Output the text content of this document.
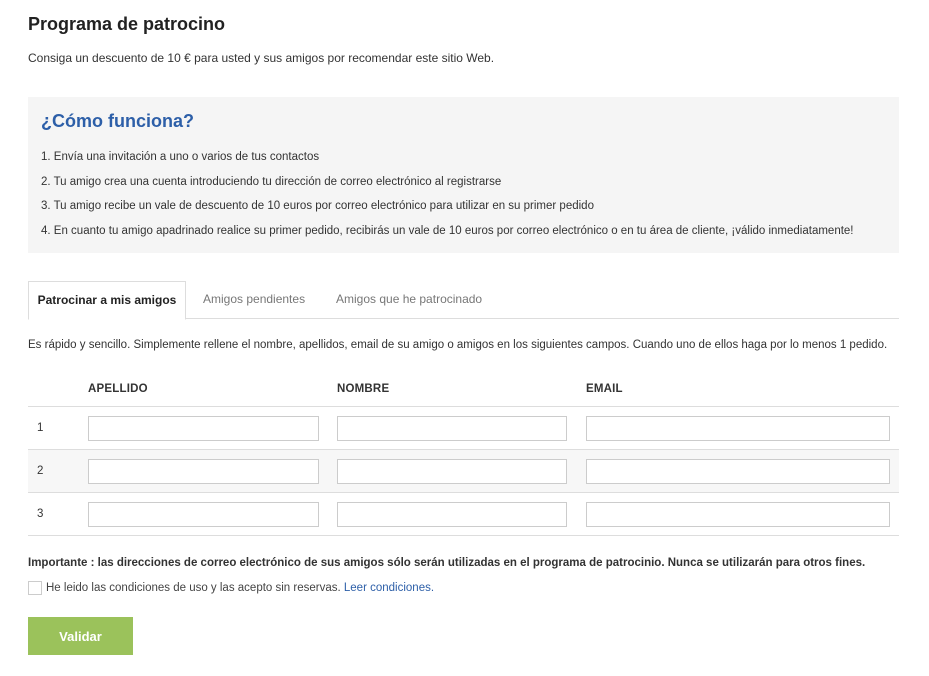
Programa de patrocino

Consiga un descuento de 10 € para usted y sus amigos por recomendar este sitio Web.

¿Cómo funciona?
1. Envía una invitación a uno o varios de tus contactos
2. Tu amigo crea una cuenta introduciendo tu dirección de correo electrónico al registrarse
3. Tu amigo recibe un vale de descuento de 10 euros por correo electrónico para utilizar en su primer pedido
4. En cuanto tu amigo apadrinado realice su primer pedido, recibirás un vale de 10 euros por correo electrónico o en tu área de cliente, ¡válido inmediatamente!
Patrocinar a mis amigos	Amigos pendientes	Amigos que he patrocinado

Es rápido y sencillo. Simplemente rellene el nombre, apellidos, email de su amigo o amigos en los siguientes campos. Cuando uno de ellos haga por lo menos 1 pedido.

APELLIDO	NOMBRE	EMAIL
1
2
3

Importante : las direcciones de correo electrónico de sus amigos sólo serán utilizadas en el programa de patrocinio. Nunca se utilizarán para otros fines.

He leido las condiciones de uso y las acepto sin reservas. Leer condiciones.
Validar
